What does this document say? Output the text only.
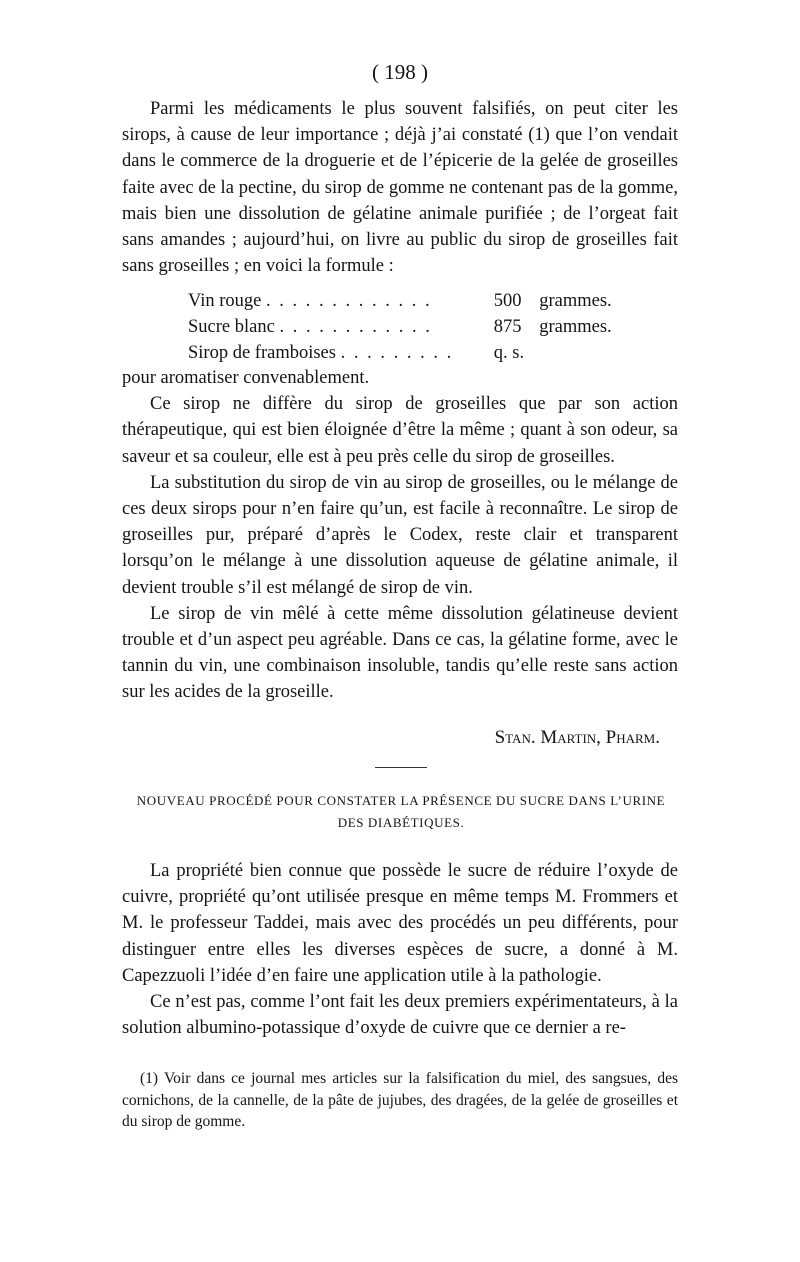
( 198 )

Parmi les médicaments le plus souvent falsifiés, on peut citer les sirops, à cause de leur importance ; déjà j’ai constaté (1) que l’on vendait dans le commerce de la droguerie et de l’épicerie de la gelée de groseilles faite avec de la pectine, du sirop de gomme ne contenant pas de la gomme, mais bien une dissolution de gélatine animale purifiée ; de l’orgeat fait sans amandes ; aujourd’hui, on livre au public du sirop de groseilles fait sans groseilles ; en voici la formule :

Vin rouge . . . . . . . . . . . . .	500 grammes.
Sucre blanc . . . . . . . . . . . .	875 grammes.
Sirop de framboises . . . . . . . . .	q. s.

pour aromatiser convenablement.

Ce sirop ne diffère du sirop de groseilles que par son action thérapeutique, qui est bien éloignée d’être la même ; quant à son odeur, sa saveur et sa couleur, elle est à peu près celle du sirop de groseilles.

La substitution du sirop de vin au sirop de groseilles, ou le mélange de ces deux sirops pour n’en faire qu’un, est facile à reconnaître. Le sirop de groseilles pur, préparé d’après le Codex, reste clair et transparent lorsqu’on le mélange à une dissolution aqueuse de gélatine animale, il devient trouble s’il est mélangé de sirop de vin.

Le sirop de vin mêlé à cette même dissolution gélatineuse devient trouble et d’un aspect peu agréable. Dans ce cas, la gélatine forme, avec le tannin du vin, une combinaison insoluble, tandis qu’elle reste sans action sur les acides de la groseille.

Stan. Martin, Pharm.
NOUVEAU PROCÉDÉ POUR CONSTATER LA PRÉSENCE DU SUCRE DANS L’URINE
DES DIABÉTIQUES.

La propriété bien connue que possède le sucre de réduire l’oxyde de cuivre, propriété qu’ont utilisée presque en même temps M. Frommers et M. le professeur Taddei, mais avec des procédés un peu différents, pour distinguer entre elles les diverses espèces de sucre, a donné à M. Capezzuoli l’idée d’en faire une application utile à la pathologie.

Ce n’est pas, comme l’ont fait les deux premiers expérimentateurs, à la solution albumino-potassique d’oxyde de cuivre que ce dernier a re-

(1) Voir dans ce journal mes articles sur la falsification du miel, des sangsues, des cornichons, de la cannelle, de la pâte de jujubes, des dragées, de la gelée de groseilles et du sirop de gomme.
